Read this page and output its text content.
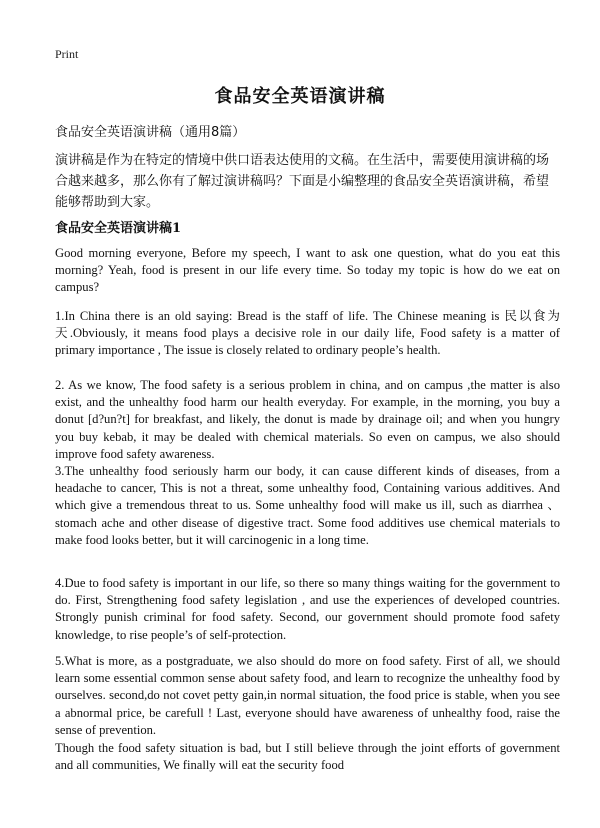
Print
食品安全英语演讲稿
食品安全英语演讲稿（通用8篇）
演讲稿是作为在特定的情境中供口语表达使用的文稿。在生活中，需要使用演讲稿的场合越来越多，那么你有了解过演讲稿吗？下面是小编整理的食品安全英语演讲稿，希望能够帮助到大家。
食品安全英语演讲稿1

Good morning everyone, Before my speech, I want to ask one question, what do you eat this morning? Yeah, food is present in our life every time. So today my topic is how do we eat on campus?

1.In China there is an old saying: Bread is the staff of life. The Chinese meaning is 民以食为天.Obviously, it means food plays a decisive role in our daily life, Food safety is a matter of primary importance , The issue is closely related to ordinary people’s health.

2. As we know, The food safety is a serious problem in china, and on campus ,the matter is also exist, and the unhealthy food harm our health everyday. For example, in the morning, you buy a donut [d?un?t] for breakfast, and likely, the donut is made by drainage oil; and when you hungry you buy kebab, it may be dealed with chemical materials. So even on campus, we also should improve food safety awareness.

3.The unhealthy food seriously harm our body, it can cause different kinds of diseases, from a headache to cancer, This is not a threat, some unhealthy food, Containing various additives. And which give a tremendous threat to us. Some unhealthy food will make us ill, such as diarrhea 、 stomach ache and other disease of digestive tract. Some food additives use chemical materials to make food looks better, but it will carcinogenic in a long time.

4.Due to food safety is important in our life, so there so many things waiting for the government to do. First, Strengthening food safety legislation , and use the experiences of developed countries. Strongly punish criminal for food safety. Second, our government should promote food safety knowledge, to rise people’s of self-protection.

5.What is more, as a postgraduate, we also should do more on food safety. First of all, we should learn some essential common sense about safety food, and learn to recognize the unhealthy food by ourselves. second,do not covet petty gain,in normal situation, the food price is stable, when you see a abnormal price, be carefull ! Last, everyone should have awareness of unhealthy food, raise the sense of prevention.

Though the food safety situation is bad, but I still believe through the joint efforts of government and all communities, We finally will eat the security food
